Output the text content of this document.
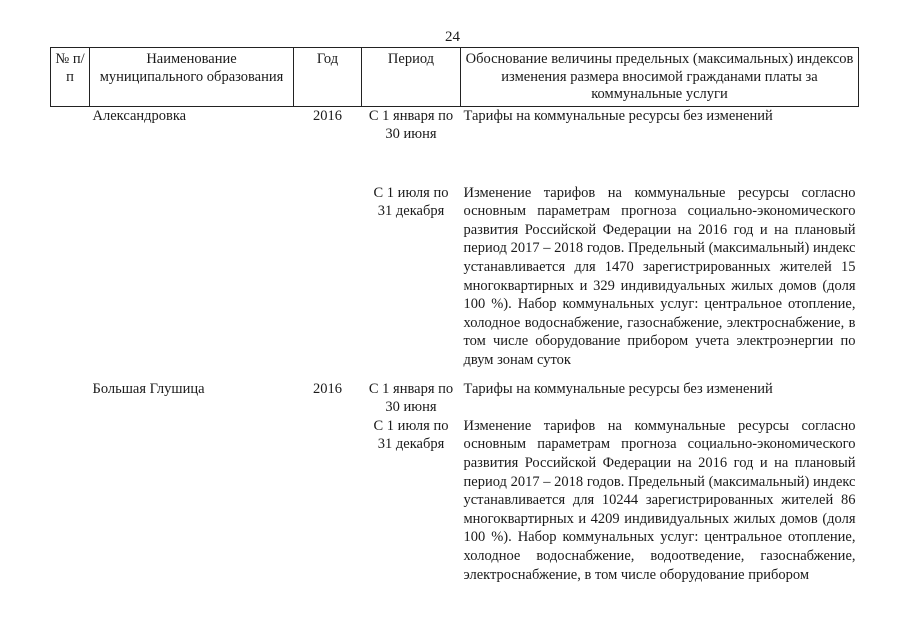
24
№ п/п	Наименование муниципального образования	Год	Период	Обоснование величины предельных (максимальных) индексов изменения размера вносимой гражданами платы за коммунальные услуги
	Александровка	2016	С 1 января по 30 июня	Тарифы на коммунальные ресурсы без изменений

			С 1 июля по 31 декабря	Изменение тарифов на коммунальные ресурсы согласно основным параметрам прогноза социально-экономического развития Российской Федерации на 2016 год и на плановый период 2017 – 2018 годов. Предельный (максимальный) индекс устанавливается для 1470 зарегистрированных жителей 15 многоквартирных и 329 индивидуальных жилых домов (доля 100 %). Набор коммунальных услуг: центральное отопление, холодное водоснабжение, газоснабжение, электроснабжение, в том числе оборудование прибором учета электроэнергии по двум зонам суток

	Большая Глушица	2016	С 1 января по 30 июня	Тарифы на коммунальные ресурсы без изменений
			С 1 июля по 31 декабря	Изменение тарифов на коммунальные ресурсы согласно основным параметрам прогноза социально-экономического развития Российской Федерации на 2016 год и на плановый период 2017 – 2018 годов. Предельный (максимальный) индекс устанавливается для 10244 зарегистрированных жителей 86 многоквартирных и 4209 индивидуальных жилых домов (доля 100 %). Набор коммунальных услуг: центральное отопление, холодное водоснабжение, водоотведение, газоснабжение, электроснабжение, в том числе оборудование прибором
